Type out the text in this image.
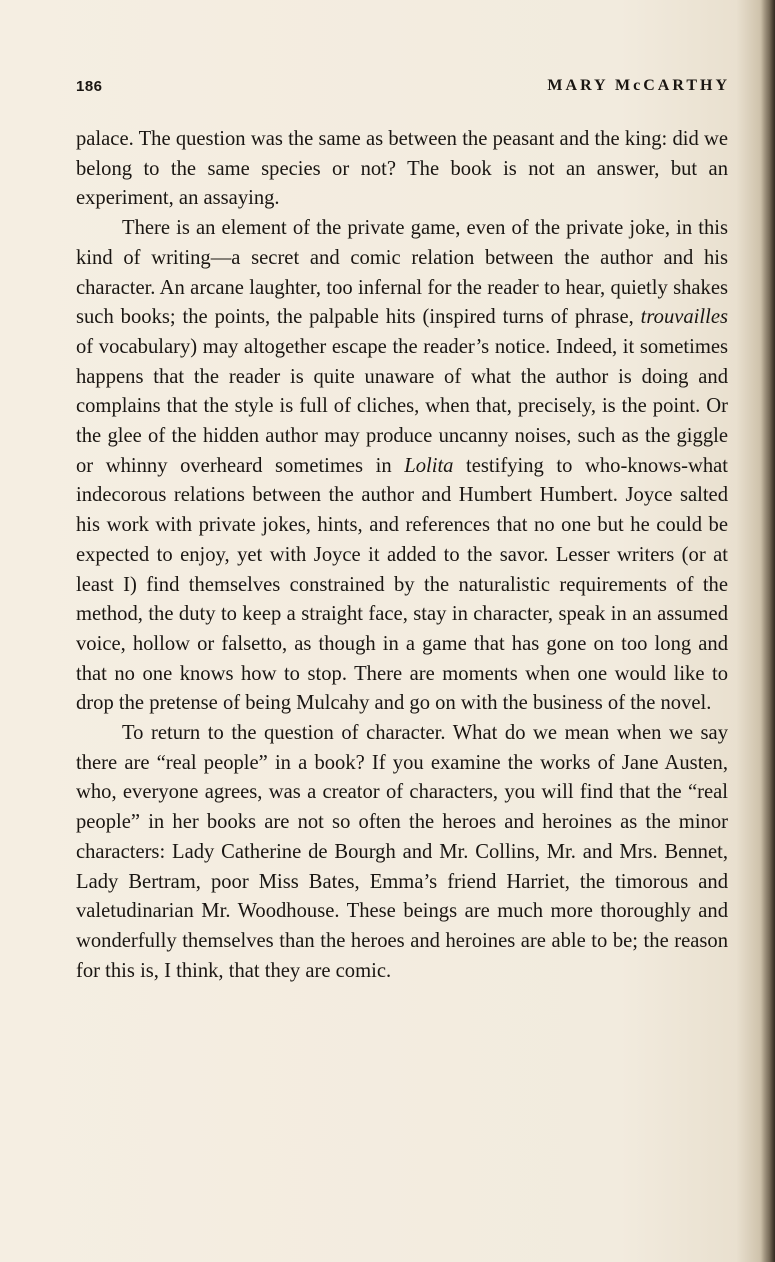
186	MARY McCARTHY

palace. The question was the same as between the peasant and the king: did we belong to the same species or not? The book is not an answer, but an experiment, an assaying.

There is an element of the private game, even of the private joke, in this kind of writing—a secret and comic relation between the author and his character. An arcane laughter, too infernal for the reader to hear, quietly shakes such books; the points, the palpable hits (inspired turns of phrase, trouvailles of vocabulary) may altogether escape the reader’s notice. Indeed, it sometimes happens that the reader is quite unaware of what the author is doing and complains that the style is full of cliches, when that, precisely, is the point. Or the glee of the hidden author may produce uncanny noises, such as the giggle or whinny overheard sometimes in Lolita testifying to who-knows-what indecorous relations between the author and Humbert Humbert. Joyce salted his work with private jokes, hints, and references that no one but he could be expected to enjoy, yet with Joyce it added to the savor. Lesser writers (or at least I) find themselves constrained by the naturalistic requirements of the method, the duty to keep a straight face, stay in character, speak in an assumed voice, hollow or falsetto, as though in a game that has gone on too long and that no one knows how to stop. There are moments when one would like to drop the pretense of being Mulcahy and go on with the business of the novel.

To return to the question of character. What do we mean when we say there are “real people” in a book? If you examine the works of Jane Austen, who, everyone agrees, was a creator of characters, you will find that the “real people” in her books are not so often the heroes and heroines as the minor characters: Lady Catherine de Bourgh and Mr. Collins, Mr. and Mrs. Bennet, Lady Bertram, poor Miss Bates, Emma’s friend Harriet, the timorous and valetudinarian Mr. Woodhouse. These beings are much more thoroughly and wonderfully themselves than the heroes and heroines are able to be; the reason for this is, I think, that they are comic.
